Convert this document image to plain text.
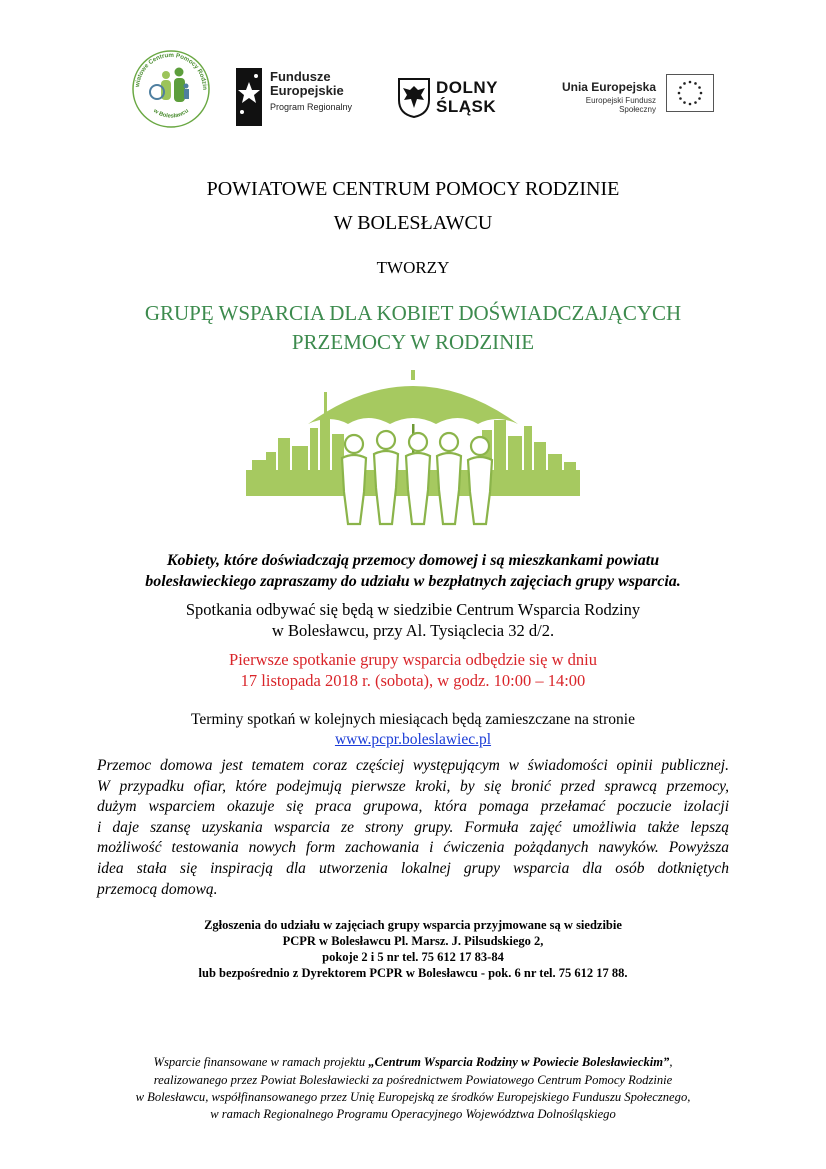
wiatowe Centrum Pomocy Rodzin
w Bolesławcu
Fundusze
Europejskie
Program Regionalny
DOLNY
ŚLĄSK
Unia Europejska
Europejski Fundusz Społeczny
POWIATOWE CENTRUM POMOCY RODZINIE
W BOLESŁAWCU
TWORZY
GRUPĘ WSPARCIA DLA KOBIET DOŚWIADCZAJĄCYCH
PRZEMOCY W RODZINIE
Kobiety, które doświadczają przemocy domowej i są mieszkankami powiatu
bolesławieckiego zapraszamy do udziału w bezpłatnych zajęciach grupy wsparcia.
Spotkania odbywać się będą w siedzibie Centrum Wsparcia Rodziny
w Bolesławcu, przy Al. Tysiąclecia 32 d/2.
Pierwsze spotkanie grupy wsparcia odbędzie się w dniu
17 listopada 2018 r. (sobota), w godz. 10:00 – 14:00
Terminy spotkań w kolejnych miesiącach będą zamieszczane na stronie
www.pcpr.boleslawiec.pl
Przemoc domowa jest tematem coraz częściej występującym w świadomości opinii publicznej.
W przypadku ofiar, które podejmują pierwsze kroki, by się bronić przed sprawcą przemocy,
dużym wsparciem okazuje się praca grupowa, która pomaga przełamać poczucie izolacji
i daje szansę uzyskania wsparcia ze strony grupy. Formuła zajęć umożliwia także lepszą
możliwość testowania nowych form zachowania i ćwiczenia pożądanych nawyków. Powyższa
idea stała się inspiracją dla utworzenia lokalnej grupy wsparcia dla osób dotkniętych
przemocą domową.
Zgłoszenia do udziału w zajęciach grupy wsparcia przyjmowane są w siedzibie
PCPR w Bolesławcu Pl. Marsz. J. Pilsudskiego 2,
pokoje 2 i 5 nr tel. 75 612 17 83-84
lub bezpośrednio z Dyrektorem PCPR w Bolesławcu - pok. 6 nr tel. 75 612 17 88.
Wsparcie finansowane w ramach projektu „Centrum Wsparcia Rodziny w Powiecie Bolesławieckim”,
realizowanego przez Powiat Bolesławiecki za pośrednictwem Powiatowego Centrum Pomocy Rodzinie
w Bolesławcu, współfinansowanego przez Unię Europejską ze środków Europejskiego Funduszu Społecznego,
w ramach Regionalnego Programu Operacyjnego Województwa Dolnośląskiego
